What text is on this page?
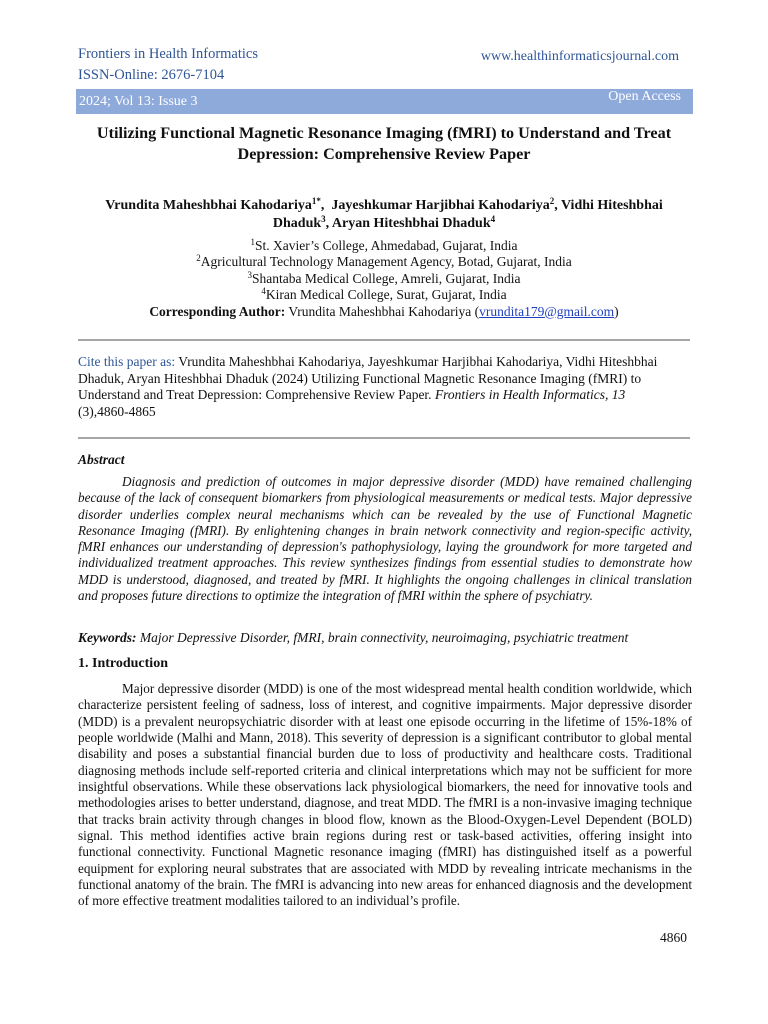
Frontiers in Health Informatics
ISSN-Online: 2676-7104
www.healthinformaticsjournal.com
2024; Vol 13: Issue 3	Open Access
Utilizing Functional Magnetic Resonance Imaging (fMRI) to Understand and Treat Depression: Comprehensive Review Paper
Vrundita Maheshbhai Kahodariya$^{1*}$,  Jayeshkumar Harjibhai Kahodariya$^2$, Vidhi Hiteshbhai Dhaduk$^3$, Aryan Hiteshbhai Dhaduk$^4$
$^1$St. Xavier’s College, Ahmedabad, Gujarat, India
$^2$Agricultural Technology Management Agency, Botad, Gujarat, India
$^3$Shantaba Medical College, Amreli, Gujarat, India
$^4$Kiran Medical College, Surat, Gujarat, India
Corresponding Author: Vrundita Maheshbhai Kahodariya (vrundita179@gmail.com)
Cite this paper as: Vrundita Maheshbhai Kahodariya, Jayeshkumar Harjibhai Kahodariya, Vidhi Hiteshbhai Dhaduk, Aryan Hiteshbhai Dhaduk (2024) Utilizing Functional Magnetic Resonance Imaging (fMRI) to Understand and Treat Depression: Comprehensive Review Paper. Frontiers in Health Informatics, 13
(3),4860-4865
Abstract
Diagnosis and prediction of outcomes in major depressive disorder (MDD) have remained challenging because of the lack of consequent biomarkers from physiological measurements or medical tests. Major depressive disorder underlies complex neural mechanisms which can be revealed by the use of Functional Magnetic Resonance Imaging (fMRI). By enlightening changes in brain network connectivity and region-specific activity, fMRI enhances our understanding of depression's pathophysiology, laying the groundwork for more targeted and individualized treatment approaches. This review synthesizes findings from essential studies to demonstrate how MDD is understood, diagnosed, and treated by fMRI. It highlights the ongoing challenges in clinical translation and proposes future directions to optimize the integration of fMRI within the sphere of psychiatry.
Keywords: Major Depressive Disorder, fMRI, brain connectivity, neuroimaging, psychiatric treatment
1. Introduction
Major depressive disorder (MDD) is one of the most widespread mental health condition worldwide, which characterize persistent feeling of sadness, loss of interest, and cognitive impairments. Major depressive disorder (MDD) is a prevalent neuropsychiatric disorder with at least one episode occurring in the lifetime of 15%-18% of people worldwide (Malhi and Mann, 2018). This severity of depression is a significant contributor to global mental disability and poses a substantial financial burden due to loss of productivity and healthcare costs. Traditional diagnosing methods include self-reported criteria and clinical interpretations which may not be sufficient for more insightful observations. While these observations lack physiological biomarkers, the need for innovative tools and methodologies arises to better understand, diagnose, and treat MDD. The fMRI is a non-invasive imaging technique that tracks brain activity through changes in blood flow, known as the Blood-Oxygen-Level Dependent (BOLD) signal. This method identifies active brain regions during rest or task-based activities, offering insight into functional connectivity. Functional Magnetic resonance imaging (fMRI) has distinguished itself as a powerful equipment for exploring neural substrates that are associated with MDD by revealing intricate mechanisms in the functional anatomy of the brain. The fMRI is advancing into new areas for enhanced diagnosis and the development of more effective treatment modalities tailored to an individual’s profile.
4860
